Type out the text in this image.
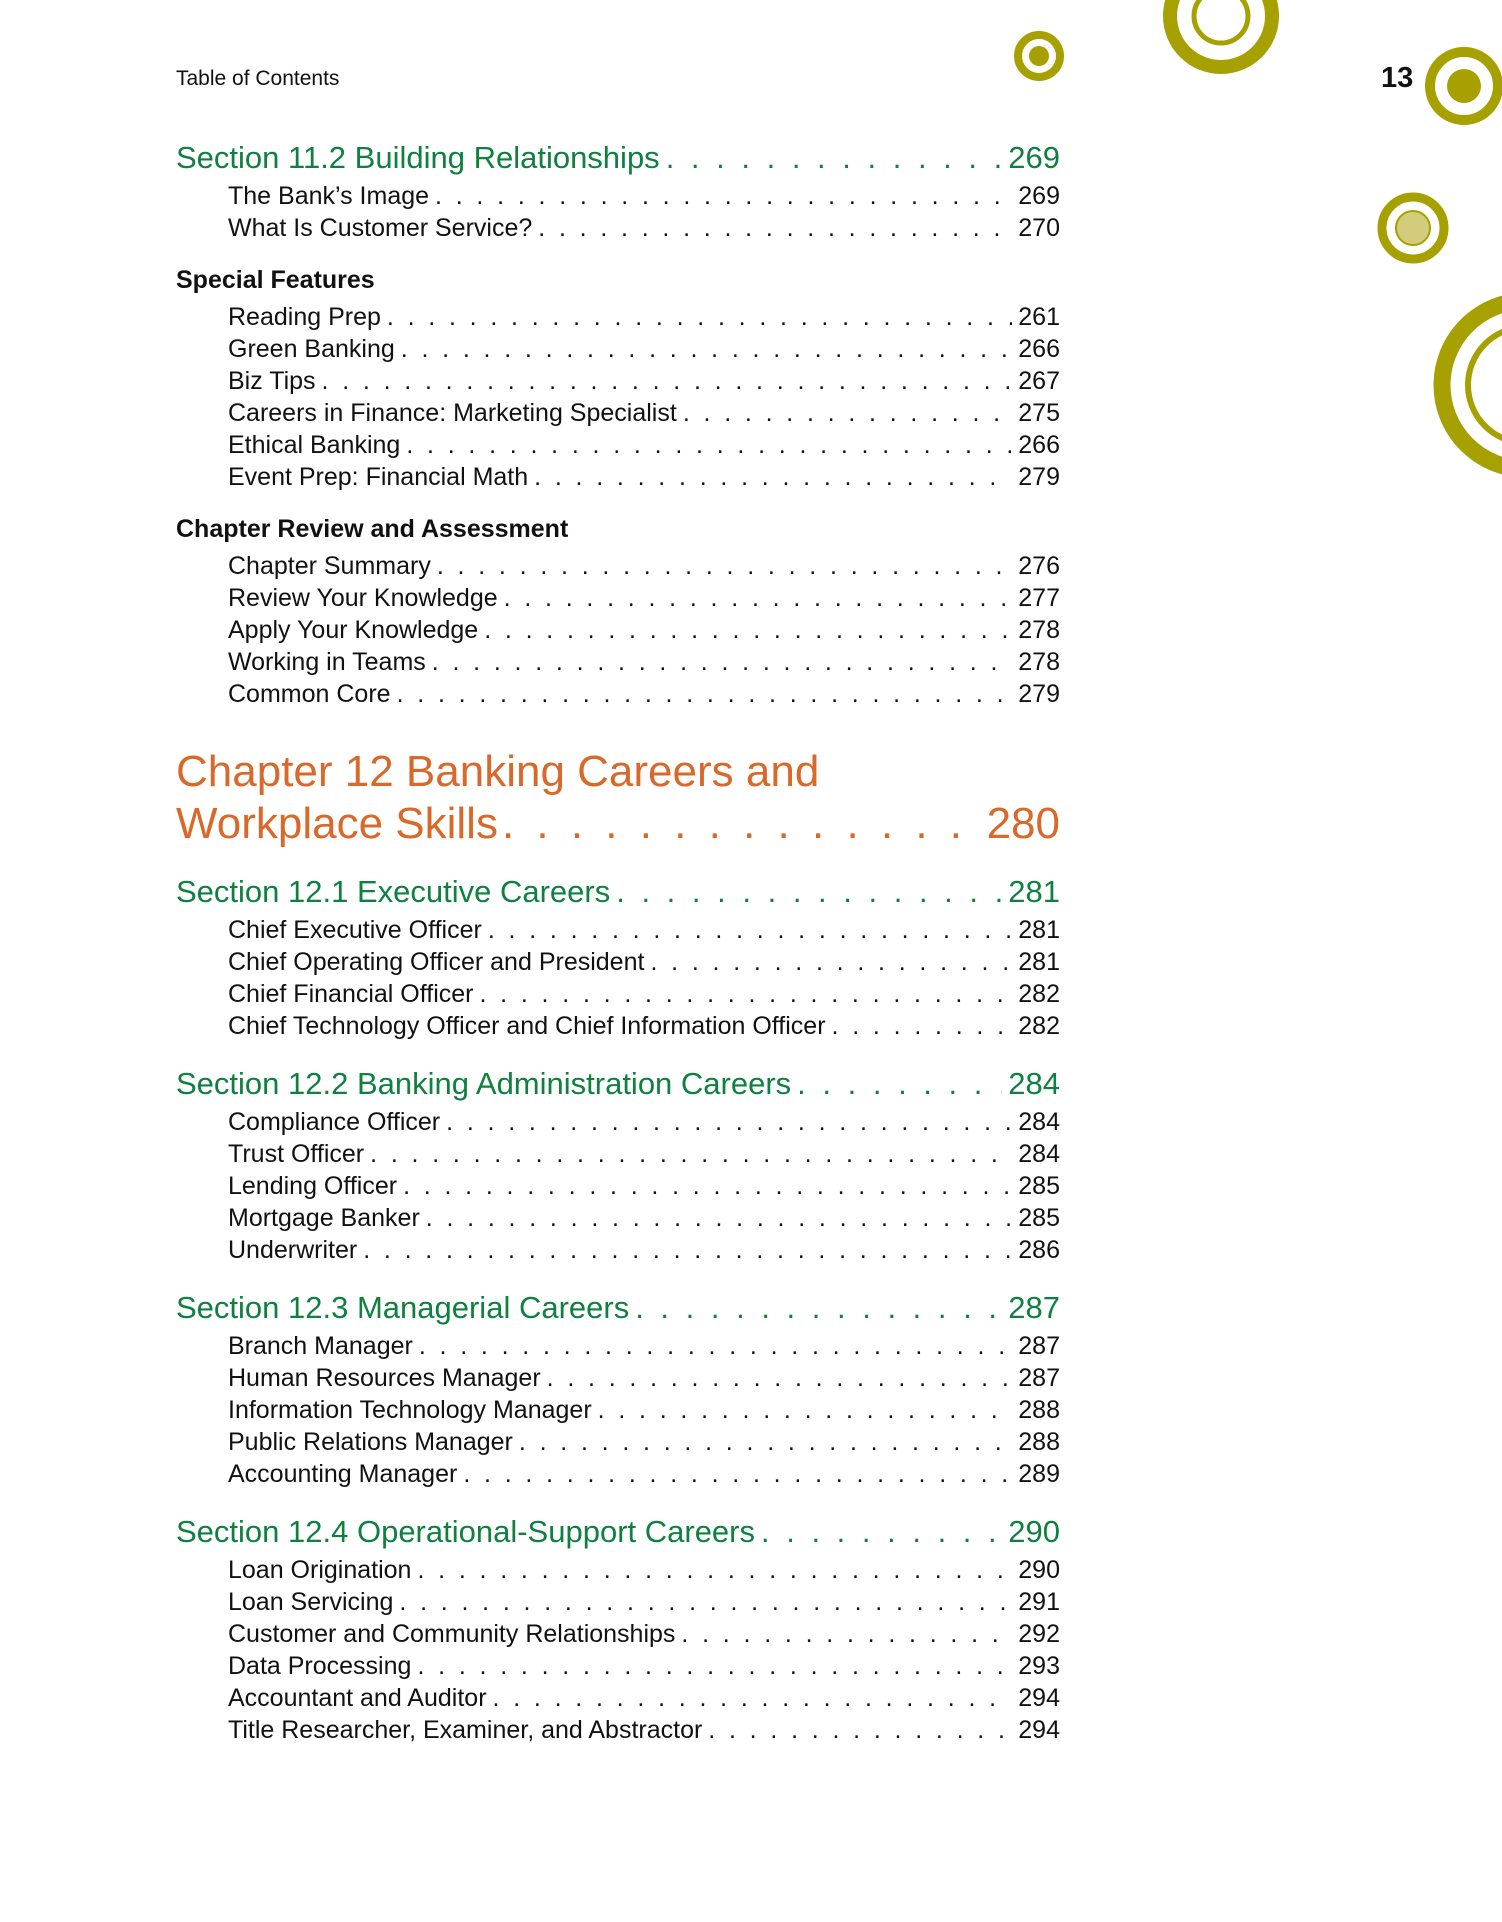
Table of Contents	13
Section 11.2 Building Relationships . . .	269
The Bank’s Image . . .	269
What Is Customer Service? . . .	270
Special Features
Reading Prep . . .	261
Green Banking . . .	266
Biz Tips . . .	267
Careers in Finance: Marketing Specialist . . .	275
Ethical Banking . . .	266
Event Prep: Financial Math . . .	279
Chapter Review and Assessment
Chapter Summary . . .	276
Review Your Knowledge . . .	277
Apply Your Knowledge . . .	278
Working in Teams . . .	278
Common Core . . .	279
Chapter 12 Banking Careers and
Workplace Skills . . .	280
Section 12.1 Executive Careers . . .	281
Chief Executive Officer . . .	281
Chief Operating Officer and President . . .	281
Chief Financial Officer . . .	282
Chief Technology Officer and Chief Information Officer . . .	282
Section 12.2 Banking Administration Careers . . .	284
Compliance Officer . . .	284
Trust Officer . . .	284
Lending Officer . . .	285
Mortgage Banker . . .	285
Underwriter . . .	286
Section 12.3 Managerial Careers . . .	287
Branch Manager . . .	287
Human Resources Manager . . .	287
Information Technology Manager . . .	288
Public Relations Manager . . .	288
Accounting Manager . . .	289
Section 12.4 Operational-Support Careers . . .	290
Loan Origination . . .	290
Loan Servicing . . .	291
Customer and Community Relationships . . .	292
Data Processing . . .	293
Accountant and Auditor . . .	294
Title Researcher, Examiner, and Abstractor . . .	294
